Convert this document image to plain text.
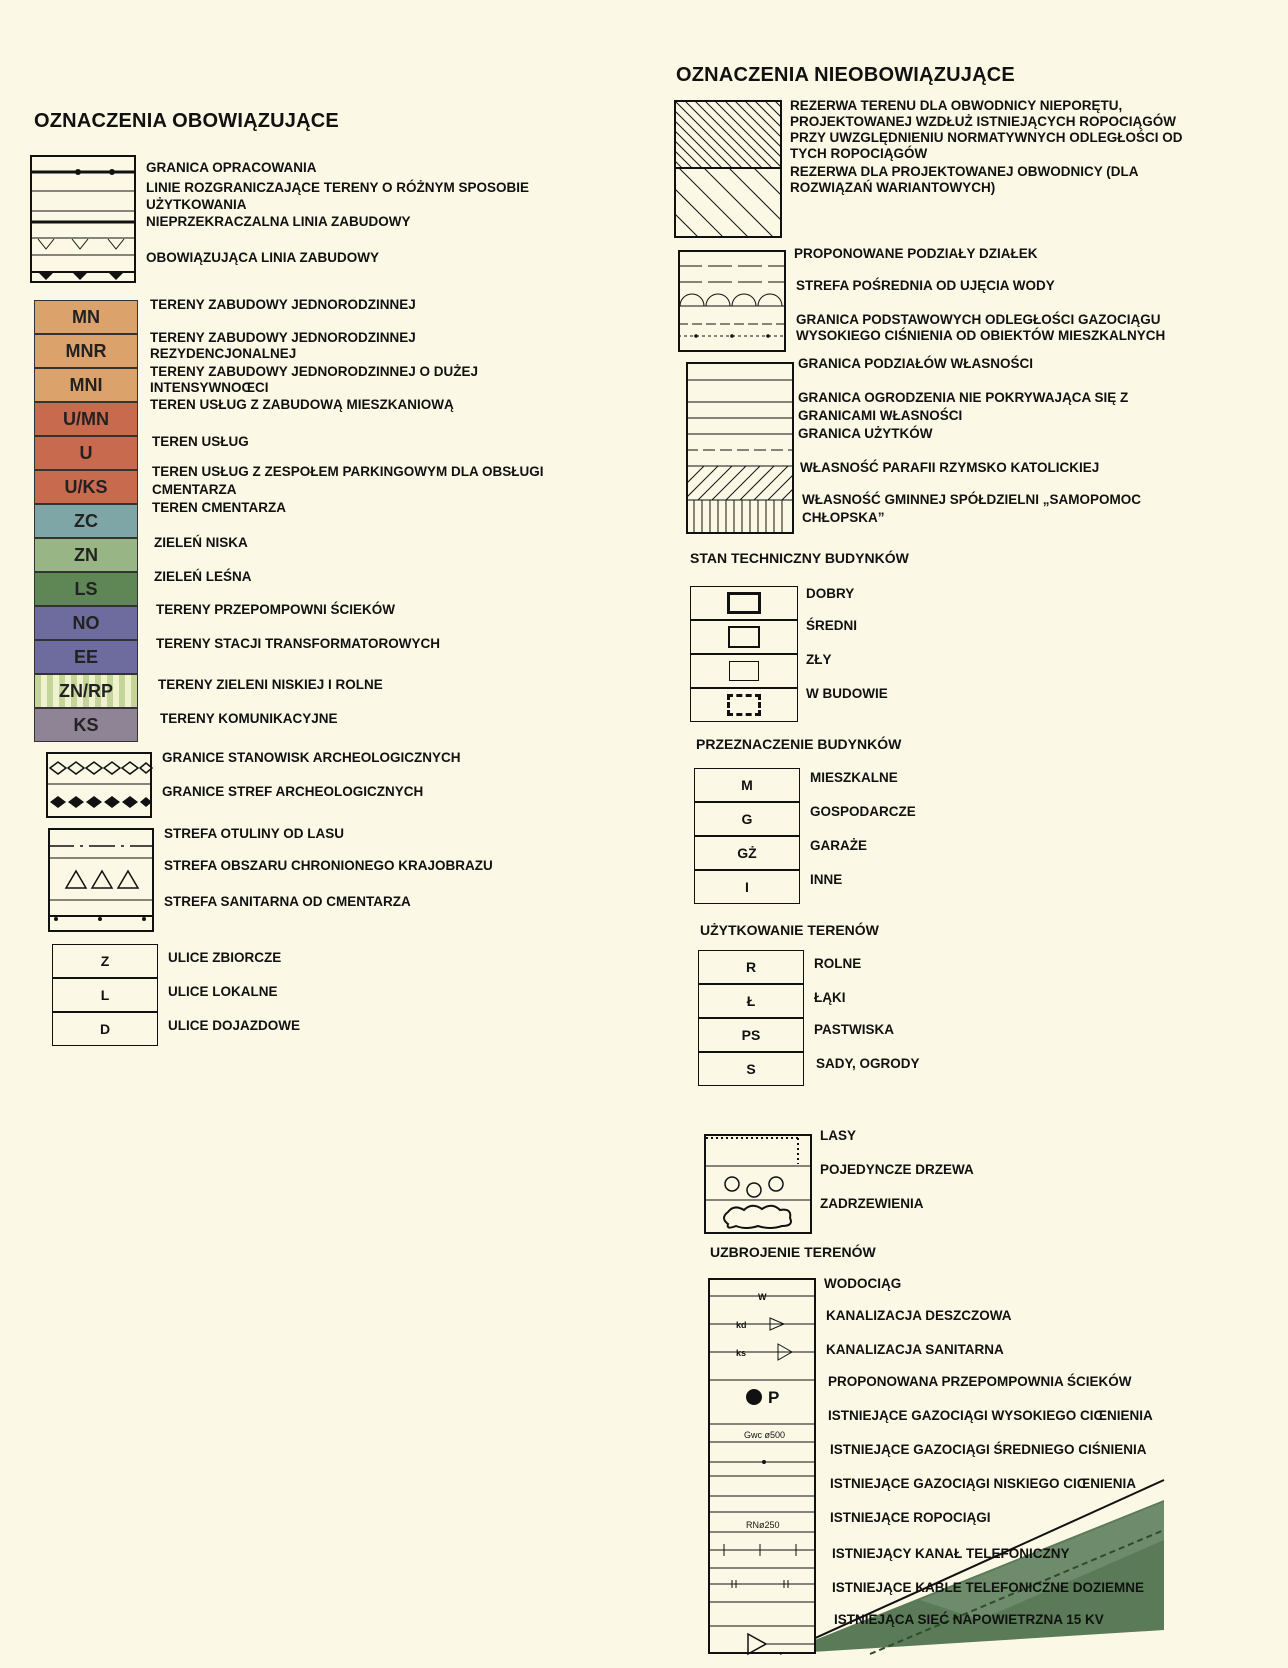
OZNACZENIA OBOWIĄZUJĄCE
GRANICA OPRACOWANIA
LINIE ROZGRANICZAJĄCE TERENY O RÓŻNYM SPOSOBIE
UŻYTKOWANIA
NIEPRZEKRACZALNA LINIA ZABUDOWY
OBOWIĄZUJĄCA LINIA ZABUDOWY
MN
MNR
MNI
U/MN
U
U/KS
ZC
ZN
LS
NO
EE
ZN/RP
KS
TERENY ZABUDOWY JEDNORODZINNEJ
TERENY ZABUDOWY JEDNORODZINNEJ
REZYDENCJONALNEJ
TERENY ZABUDOWY JEDNORODZINNEJ O DUŻEJ
INTENSYWNOŒCI
TEREN USŁUG Z ZABUDOWĄ MIESZKANIOWĄ
TEREN USŁUG
TEREN USŁUG Z ZESPOŁEM PARKINGOWYM DLA OBSŁUGI
CMENTARZA
TEREN CMENTARZA
ZIELEŃ NISKA
ZIELEŃ LEŚNA
TERENY PRZEPOMPOWNI ŚCIEKÓW
TERENY STACJI TRANSFORMATOROWYCH
TERENY ZIELENI NISKIEJ I ROLNE
TERENY KOMUNIKACYJNE
GRANICE STANOWISK ARCHEOLOGICZNYCH
GRANICE STREF ARCHEOLOGICZNYCH
STREFA OTULINY OD LASU
STREFA OBSZARU CHRONIONEGO KRAJOBRAZU
STREFA SANITARNA OD CMENTARZA
Z
L
D
ULICE ZBIORCZE
ULICE LOKALNE
ULICE DOJAZDOWE
OZNACZENIA NIEOBOWIĄZUJĄCE
REZERWA TERENU DLA OBWODNICY NIEPORĘTU,
PROJEKTOWANEJ WZDŁUŻ ISTNIEJĄCYCH ROPOCIĄGÓW
PRZY UWZGLĘDNIENIU NORMATYWNYCH ODLEGŁOŚCI OD
TYCH ROPOCIĄGÓW
REZERWA DLA PROJEKTOWANEJ OBWODNICY (DLA
ROZWIĄZAŃ WARIANTOWYCH)
PROPONOWANE PODZIAŁY DZIAŁEK
STREFA POŚREDNIA OD UJĘCIA WODY
GRANICA PODSTAWOWYCH ODLEGŁOŚCI GAZOCIĄGU
WYSOKIEGO CIŚNIENIA OD OBIEKTÓW MIESZKALNYCH
GRANICA PODZIAŁÓW WŁASNOŚCI
GRANICA OGRODZENIA NIE POKRYWAJĄCA SIĘ Z
GRANICAMI WŁASNOŚCI
GRANICA UŻYTKÓW
WŁASNOŚĆ PARAFII RZYMSKO KATOLICKIEJ
WŁASNOŚĆ GMINNEJ SPÓŁDZIELNI „SAMOPOMOC
CHŁOPSKA”
STAN TECHNICZNY BUDYNKÓW
DOBRY
ŚREDNI
ZŁY
W BUDOWIE
PRZEZNACZENIE BUDYNKÓW
M
G
GŻ
I
MIESZKALNE
GOSPODARCZE
GARAŻE
INNE
UŻYTKOWANIE TERENÓW
R
Ł
PS
S
ROLNE
ŁĄKI
PASTWISKA
SADY, OGRODY
LASY
POJEDYNCZE DRZEWA
ZADRZEWIENIA
UZBROJENIE TERENÓW
W
kd
ks
P
Gwc ø500
RNø250
WODOCIĄG
KANALIZACJA DESZCZOWA
KANALIZACJA SANITARNA
PROPONOWANA PRZEPOMPOWNIA ŚCIEKÓW
ISTNIEJĄCE GAZOCIĄGI WYSOKIEGO CIŒNIENIA
ISTNIEJĄCE GAZOCIĄGI ŚREDNIEGO CIŚNIENIA
ISTNIEJĄCE GAZOCIĄGI NISKIEGO CIŒNIENIA
ISTNIEJĄCE ROPOCIĄGI
ISTNIEJĄCY KANAŁ TELEFONICZNY
ISTNIEJĄCE KABLE TELEFONICZNE DOZIEMNE
ISTNIEJĄCA SIEĆ NAPOWIETRZNA 15 KV
